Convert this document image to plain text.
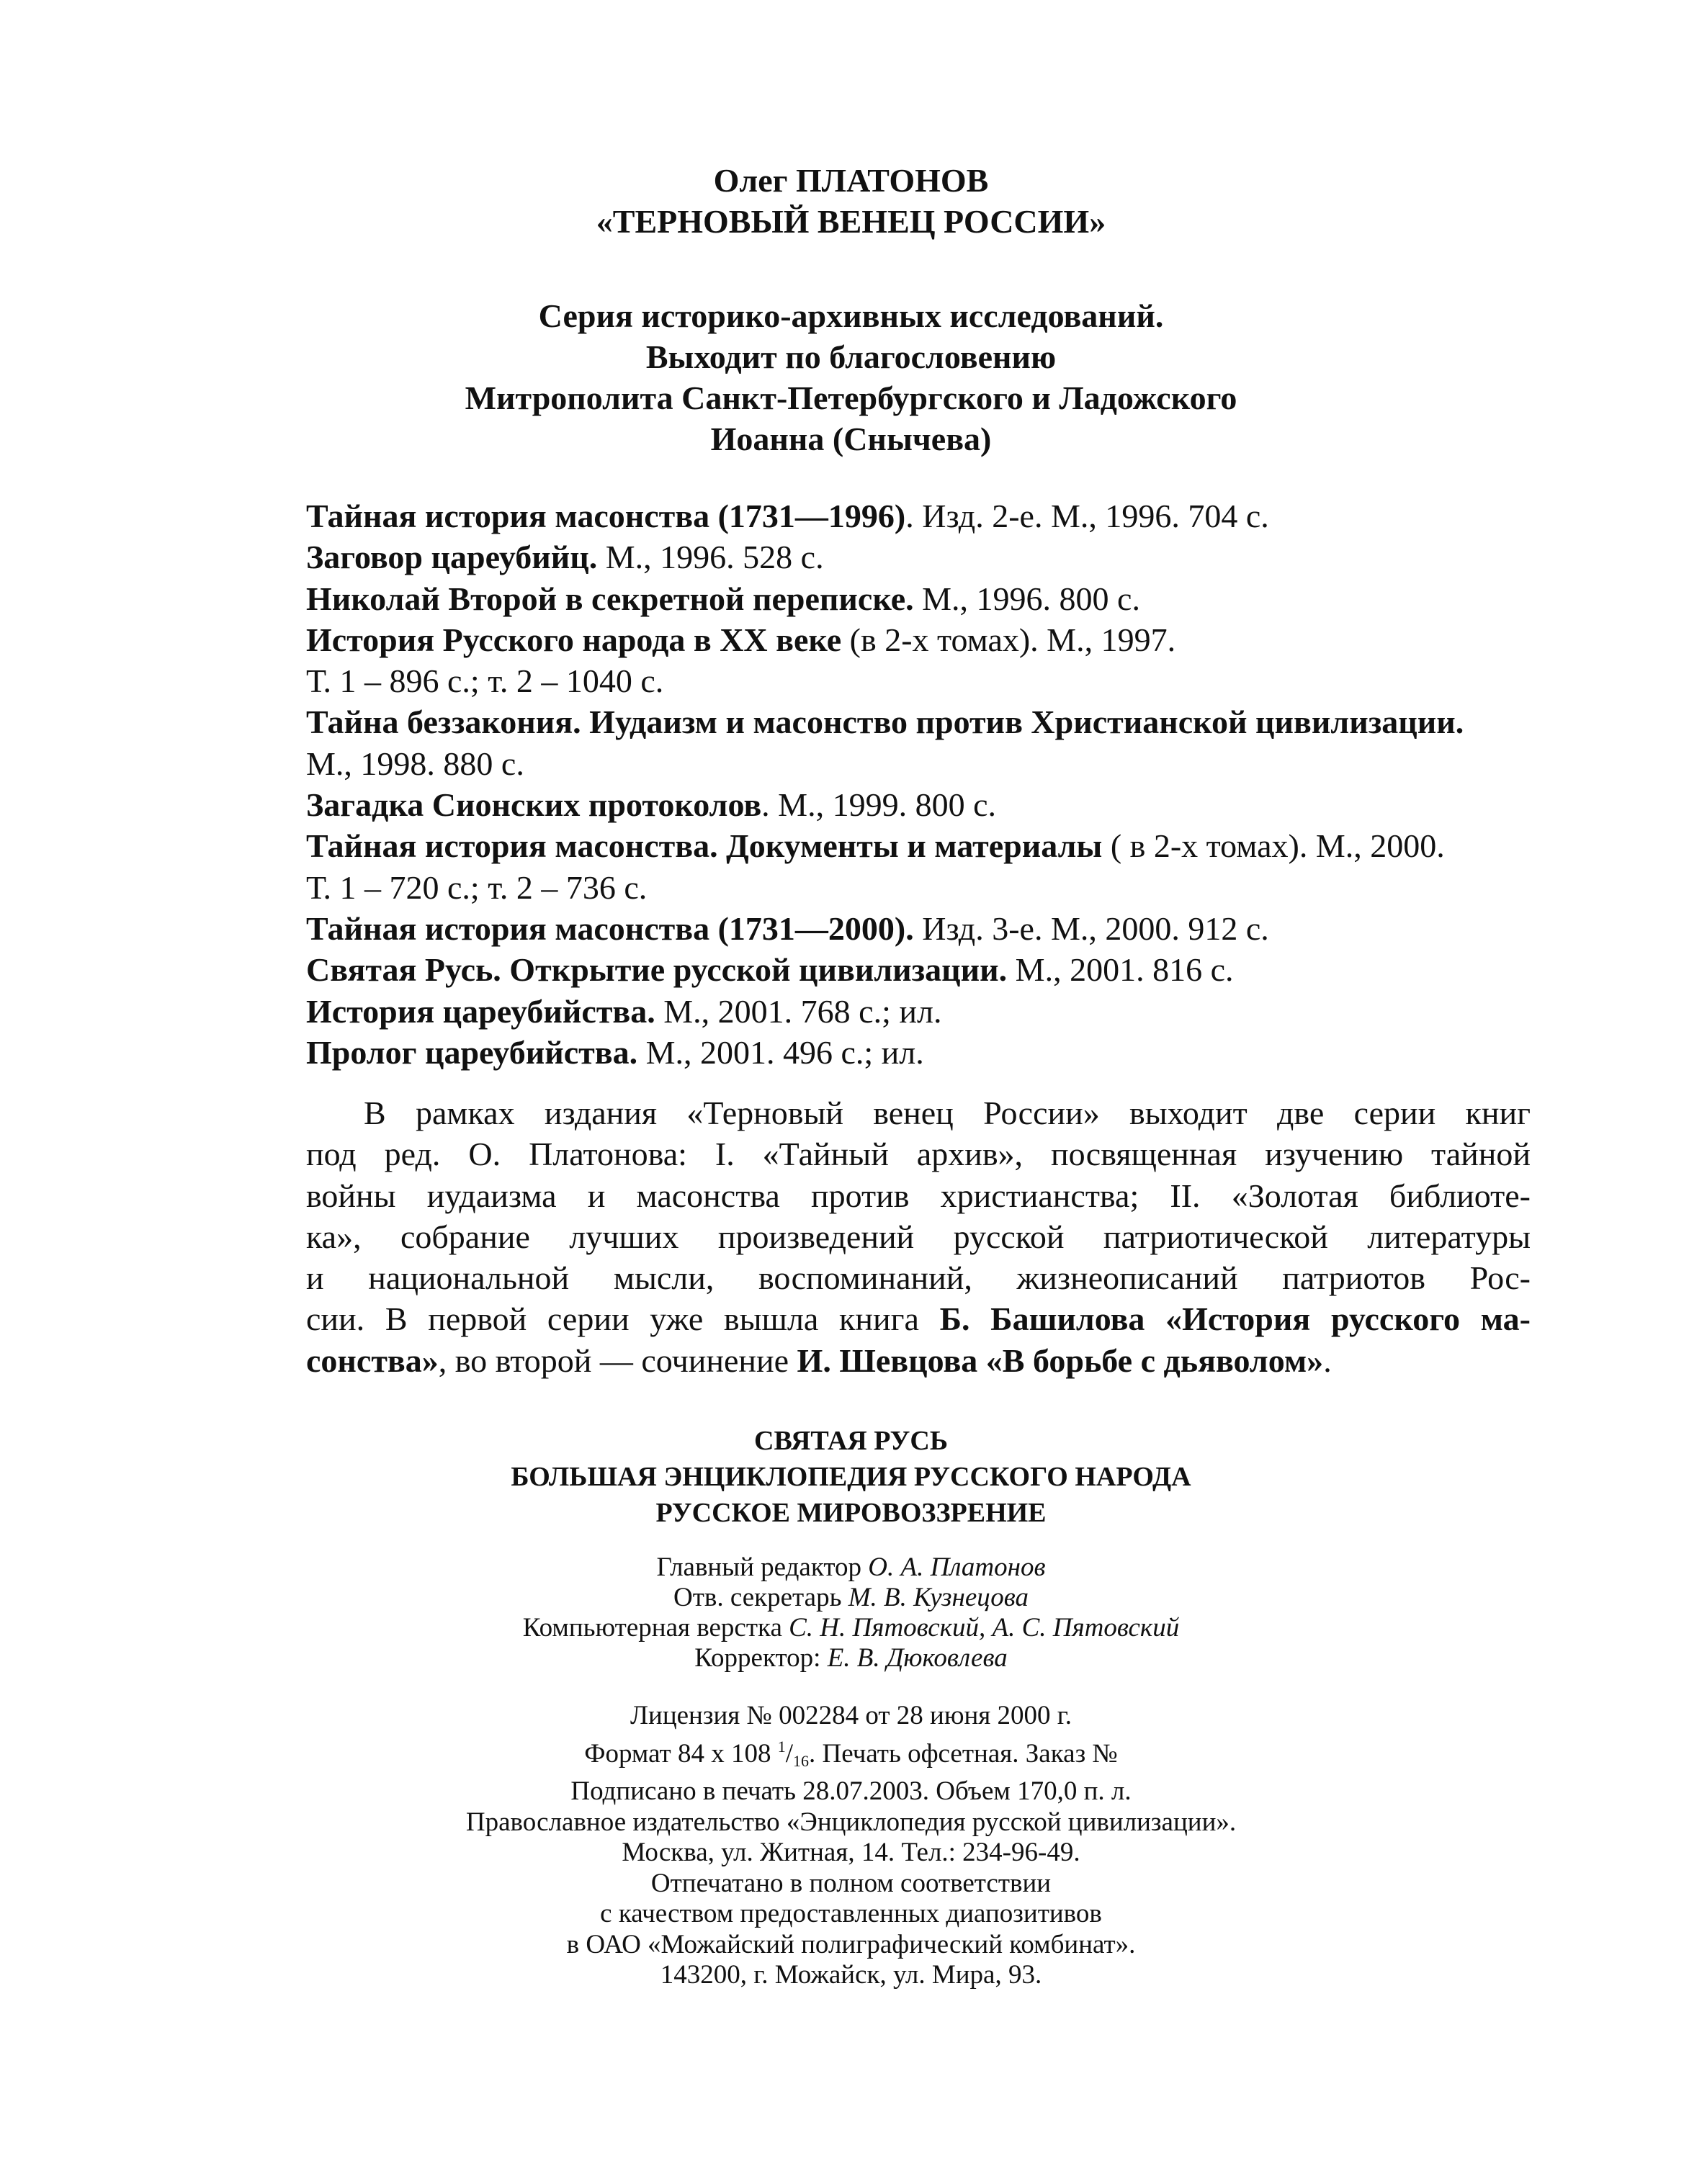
Олег ПЛАТОНОВ
«ТЕРНОВЫЙ ВЕНЕЦ РОССИИ»
Серия историко-архивных исследований.
Выходит по благословению
Митрополита Санкт-Петербургского и Ладожского
Иоанна (Снычева)
Тайная история масонства (1731—1996). Изд. 2-е. М., 1996. 704 с.
Заговор цареубийц. М., 1996. 528 с.
Николай Второй в секретной переписке. М., 1996. 800 с.
История Русского народа в XX веке (в 2-х томах). М., 1997.
Т. 1 – 896 с.; т. 2 – 1040 с.
Тайна беззакония. Иудаизм и масонство против Христианской цивилизации.
М., 1998. 880 с.
Загадка Сионских протоколов. М., 1999. 800 с.
Тайная история масонства. Документы и материалы ( в 2-х томах). М., 2000.
Т. 1 – 720 с.; т. 2 – 736 с.
Тайная история масонства (1731—2000). Изд. 3-е. М., 2000. 912 с.
Святая Русь. Открытие русской цивилизации. М., 2001. 816 с.
История цареубийства. М., 2001. 768 с.; ил.
Пролог цареубийства. М., 2001. 496 с.; ил.
В рамках издания «Терновый венец России» выходит две серии книг
под ред. О. Платонова: I. «Тайный архив», посвященная изучению тайной
войны иудаизма и масонства против христианства; II. «Золотая библиоте-
ка», собрание лучших произведений русской патриотической литературы
и национальной мысли, воспоминаний, жизнеописаний патриотов Рос-
сии. В первой серии уже вышла книга Б. Башилова «История русского ма-
сонства», во второй — сочинение И. Шевцова «В борьбе с дьяволом».
СВЯТАЯ РУСЬ
БОЛЬШАЯ ЭНЦИКЛОПЕДИЯ РУССКОГО НАРОДА
РУССКОЕ МИРОВОЗЗРЕНИЕ
Главный редактор О. А. Платонов
Отв. секретарь М. В. Кузнецова
Компьютерная верстка С. Н. Пятовский, А. С. Пятовский
Корректор: Е. В. Дюковлева
Лицензия № 002284 от 28 июня 2000 г.
Формат 84 х 108 $^1/_{16}$. Печать офсетная. Заказ №
Подписано в печать 28.07.2003. Объем 170,0 п. л.
Православное издательство «Энциклопедия русской цивилизации».
Москва, ул. Житная, 14. Тел.: 234-96-49.
Отпечатано в полном соответствии
с качеством предоставленных диапозитивов
в ОАО «Можайский полиграфический комбинат».
143200, г. Можайск, ул. Мира, 93.
